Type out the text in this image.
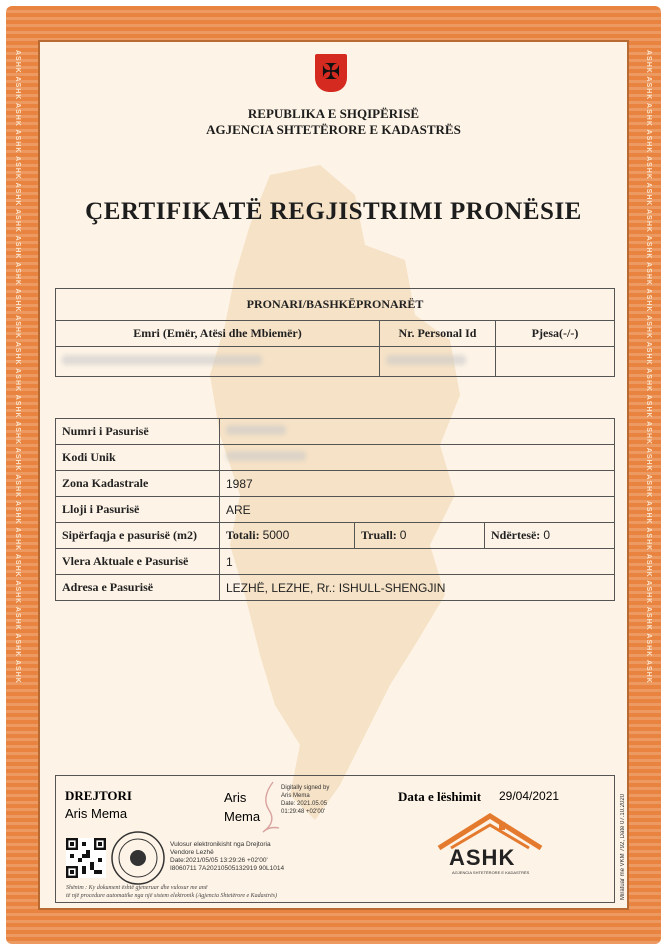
ASHK ASHK ASHK ASHK ASHK ASHK ASHK ASHK ASHK ASHK ASHK ASHK ASHK ASHK ASHK ASHK ASHK ASHK ASHK ASHK ASHK ASHK ASHK ASHK	ASHK ASHK ASHK ASHK ASHK ASHK ASHK ASHK ASHK ASHK ASHK ASHK ASHK ASHK ASHK ASHK ASHK ASHK ASHK ASHK ASHK ASHK ASHK ASHK
✠
REPUBLIKA E SHQIPËRISË
AGJENCIA SHTETËRORE E KADASTRËS
ÇERTIFIKATË REGJISTRIMI PRONËSIE
PRONARI/BASHKËPRONARËT		
Emri (Emër, Atësi dhe Mbiemër)	Nr. Personal Id	Pjesa(-/-)

Numri i Pasurisë			
Kodi Unik			
Zona Kadastrale	1987		
Lloji i Pasurisë	ARE		
Sipërfaqja e pasurisë (m2)	Totali: 5000	Truall: 0	Ndërtesë: 0
Vlera Aktuale e Pasurisë	1		
Adresa e Pasurisë	LEZHË, LEZHE, Rr.: ISHULL-SHENGJIN		
DREJTORI
Aris Mema
Aris
Mema
Digitally signed by
Aris Mema
Date: 2021.05.05
01:29:48 +02'00'
Data e lëshimit 29/04/2021
Vulosur elektronikisht nga Drejtoria
Vendore Lezhë
Date:2021/05/05 13:29:26 +02'00'
I8060711 7A20210505132919 90L1014
Shënim : Ky dokument është gjeneruar dhe vulosur me anë
të një procedure automatike nga një sistem elektronik (Agjencia Shtetërore e Kadastrës)
ASHK
AGJENCIA SHTETËRORE E KADASTRËS	Miratuar me VKM 792, Datë 07.10.2020
